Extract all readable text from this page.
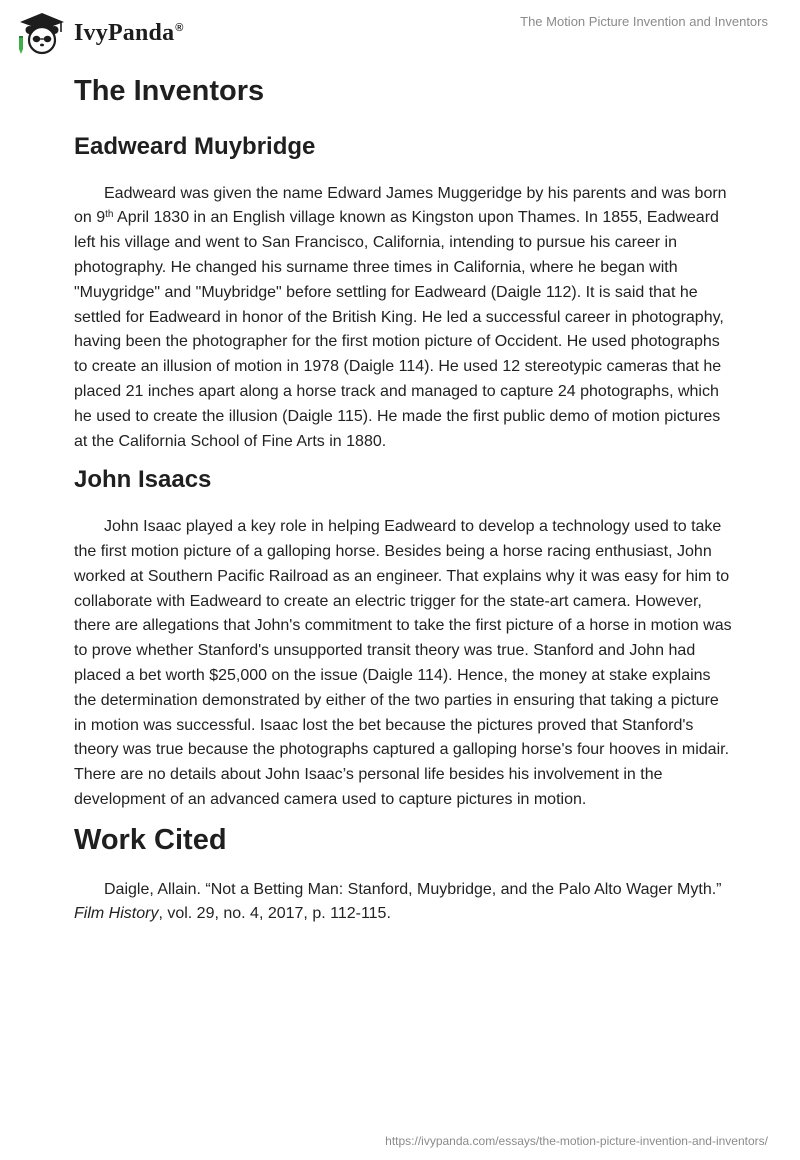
IvyPanda®	The Motion Picture Invention and Inventors
The Inventors
Eadweard Muybridge

Eadweard was given the name Edward James Muggeridge by his parents and was born on 9th April 1830 in an English village known as Kingston upon Thames. In 1855, Eadweard left his village and went to San Francisco, California, intending to pursue his career in photography. He changed his surname three times in California, where he began with "Muygridge" and "Muybridge" before settling for Eadweard (Daigle 112). It is said that he settled for Eadweard in honor of the British King. He led a successful career in photography, having been the photographer for the first motion picture of Occident. He used photographs to create an illusion of motion in 1978 (Daigle 114). He used 12 stereotypic cameras that he placed 21 inches apart along a horse track and managed to capture 24 photographs, which he used to create the illusion (Daigle 115). He made the first public demo of motion pictures at the California School of Fine Arts in 1880.

John Isaacs

John Isaac played a key role in helping Eadweard to develop a technology used to take the first motion picture of a galloping horse. Besides being a horse racing enthusiast, John worked at Southern Pacific Railroad as an engineer. That explains why it was easy for him to collaborate with Eadweard to create an electric trigger for the state-art camera. However, there are allegations that John's commitment to take the first picture of a horse in motion was to prove whether Stanford's unsupported transit theory was true. Stanford and John had placed a bet worth $25,000 on the issue (Daigle 114). Hence, the money at stake explains the determination demonstrated by either of the two parties in ensuring that taking a picture in motion was successful. Isaac lost the bet because the pictures proved that Stanford's theory was true because the photographs captured a galloping horse's four hooves in midair. There are no details about John Isaac’s personal life besides his involvement in the development of an advanced camera used to capture pictures in motion.

Work Cited

Daigle, Allain. “Not a Betting Man: Stanford, Muybridge, and the Palo Alto Wager Myth.” Film History, vol. 29, no. 4, 2017, p. 112-115.

https://ivypanda.com/essays/the-motion-picture-invention-and-inventors/
